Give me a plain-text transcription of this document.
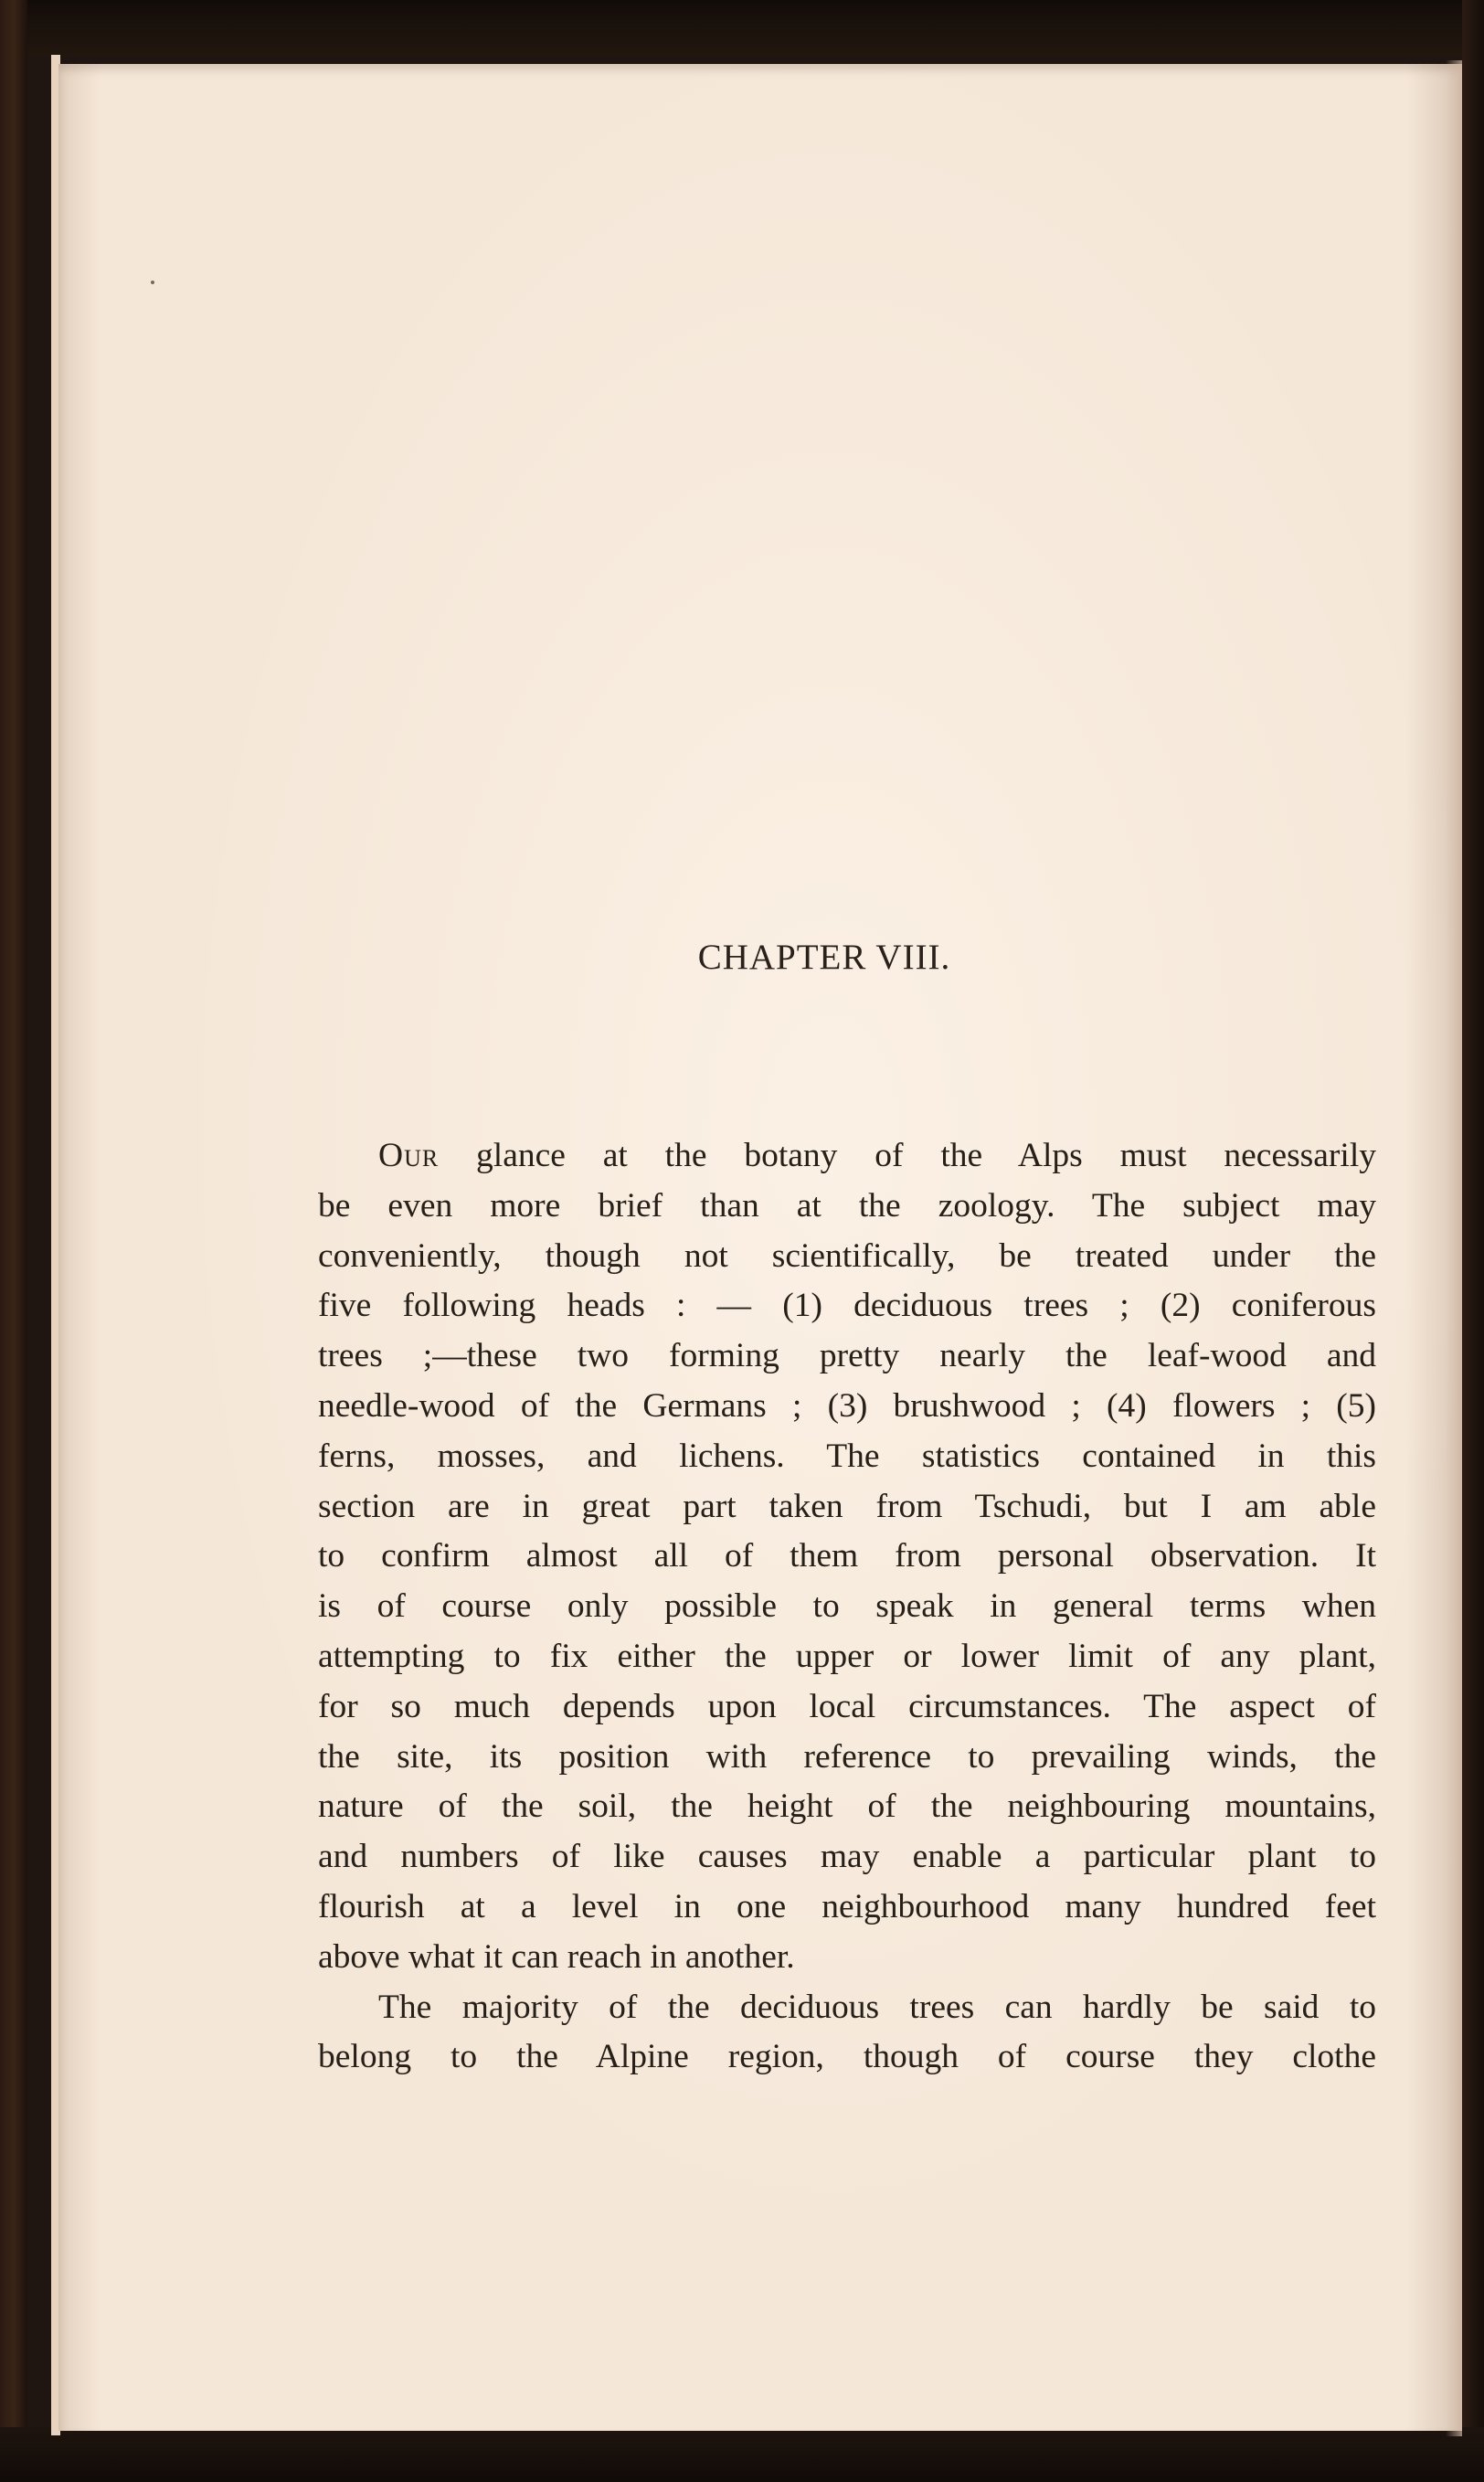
CHAPTER VIII.
Our glance at the botany of the Alps must necessarily
be even more brief than at the zoology. The subject may
conveniently, though not scientifically, be treated under the
five following heads : — (1) deciduous trees ; (2) coniferous
trees ;—these two forming pretty nearly the leaf-wood and
needle-wood of the Germans ; (3) brushwood ; (4) flowers ; (5)
ferns, mosses, and lichens. The statistics contained in this
section are in great part taken from Tschudi, but I am able
to confirm almost all of them from personal observation. It
is of course only possible to speak in general terms when
attempting to fix either the upper or lower limit of any plant,
for so much depends upon local circumstances. The aspect of
the site, its position with reference to prevailing winds, the
nature of the soil, the height of the neighbouring mountains,
and numbers of like causes may enable a particular plant to
flourish at a level in one neighbourhood many hundred feet
above what it can reach in another.
The majority of the deciduous trees can hardly be said to
belong to the Alpine region, though of course they clothe
